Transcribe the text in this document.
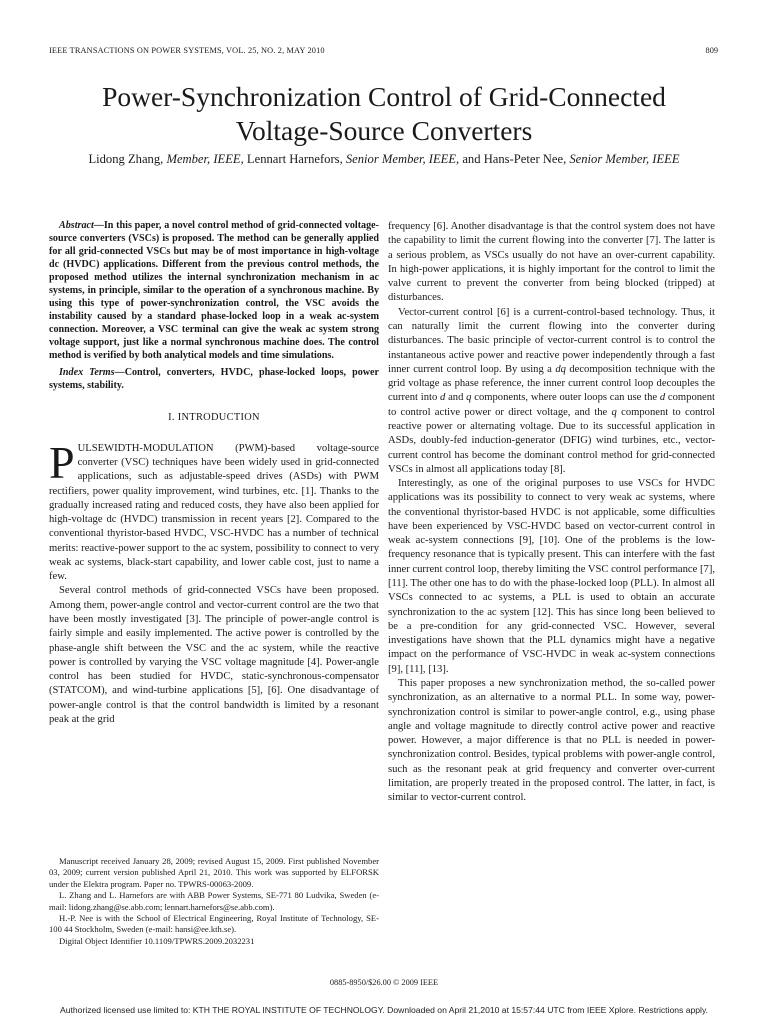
IEEE TRANSACTIONS ON POWER SYSTEMS, VOL. 25, NO. 2, MAY 2010	809
Power-Synchronization Control of Grid-Connected
Voltage-Source Converters
Lidong Zhang, Member, IEEE, Lennart Harnefors, Senior Member, IEEE, and Hans-Peter Nee, Senior Member, IEEE

Abstract—In this paper, a novel control method of grid-connected voltage-source converters (VSCs) is proposed. The method can be generally applied for all grid-connected VSCs but may be of most importance in high-voltage dc (HVDC) applications. Different from the previous control methods, the proposed method utilizes the internal synchronization mechanism in ac systems, in principle, similar to the operation of a synchronous machine. By using this type of power-synchronization control, the VSC avoids the instability caused by a standard phase-locked loop in a weak ac-system connection. Moreover, a VSC terminal can give the weak ac system strong voltage support, just like a normal synchronous machine does. The control method is verified by both analytical models and time simulations.

Index Terms—Control, converters, HVDC, phase-locked loops, power systems, stability.

I. INTRODUCTION

PULSEWIDTH-MODULATION (PWM)-based voltage-source converter (VSC) techniques have been widely used in grid-connected applications, such as adjustable-speed drives (ASDs) with PWM rectifiers, power quality improvement, wind turbines, etc. [1]. Thanks to the gradually increased rating and reduced costs, they have also been applied for high-voltage dc (HVDC) transmission in recent years [2]. Compared to the conventional thyristor-based HVDC, VSC-HVDC has a number of technical merits: reactive-power support to the ac system, possibility to connect to very weak ac systems, black-start capability, and lower cable cost, just to name a few.

Several control methods of grid-connected VSCs have been proposed. Among them, power-angle control and vector-current control are the two that have been mostly investigated [3]. The principle of power-angle control is fairly simple and easily implemented. The active power is controlled by the phase-angle shift between the VSC and the ac system, while the reactive power is controlled by varying the VSC voltage magnitude [4]. Power-angle control has been studied for HVDC, static-synchronous-compensator (STATCOM), and wind-turbine applications [5], [6]. One disadvantage of power-angle control is that the control bandwidth is limited by a resonant peak at the grid

frequency [6]. Another disadvantage is that the control system does not have the capability to limit the current flowing into the converter [7]. The latter is a serious problem, as VSCs usually do not have an over-current capability. In high-power applications, it is highly important for the control to limit the valve current to prevent the converter from being blocked (tripped) at disturbances.

Vector-current control [6] is a current-control-based technology. Thus, it can naturally limit the current flowing into the converter during disturbances. The basic principle of vector-current control is to control the instantaneous active power and reactive power independently through a fast inner current control loop. By using a dq decomposition technique with the grid voltage as phase reference, the inner current control loop decouples the current into d and q components, where outer loops can use the d component to control active power or direct voltage, and the q component to control reactive power or alternating voltage. Due to its successful application in ASDs, doubly-fed induction-generator (DFIG) wind turbines, etc., vector-current control has become the dominant control method for grid-connected VSCs in almost all applications today [8].

Interestingly, as one of the original purposes to use VSCs for HVDC applications was its possibility to connect to very weak ac systems, where the conventional thyristor-based HVDC is not applicable, some difficulties have been experienced by VSC-HVDC based on vector-current control in weak ac-system connections [9], [10]. One of the problems is the low-frequency resonance that is typically present. This can interfere with the fast inner current control loop, thereby limiting the VSC control performance [7], [11]. The other one has to do with the phase-locked loop (PLL). In almost all VSCs connected to ac systems, a PLL is used to obtain an accurate synchronization to the ac system [12]. This has since long been believed to be a pre-condition for any grid-connected VSC. However, several investigations have shown that the PLL dynamics might have a negative impact on the performance of VSC-HVDC in weak ac-system connections [9], [11], [13].

This paper proposes a new synchronization method, the so-called power synchronization, as an alternative to a normal PLL. In some way, power-synchronization control is similar to power-angle control, e.g., using phase angle and voltage magnitude to directly control active power and reactive power. However, a major difference is that no PLL is needed in power-synchronization control. Besides, typical problems with power-angle control, such as the resonant peak at grid frequency and converter over-current limitation, are properly treated in the proposed control. The latter, in fact, is similar to vector-current control.

Manuscript received January 28, 2009; revised August 15, 2009. First published November 03, 2009; current version published April 21, 2010. This work was supported by ELFORSK under the Elektra program. Paper no. TPWRS-00063-2009.

L. Zhang and L. Harnefors are with ABB Power Systems, SE-771 80 Ludvika, Sweden (e-mail: lidong.zhang@se.abb.com; lennart.harnefors@se.abb.com).

H.-P. Nee is with the School of Electrical Engineering, Royal Institute of Technology, SE-100 44 Stockholm, Sweden (e-mail: hansi@ee.kth.se).

Digital Object Identifier 10.1109/TPWRS.2009.2032231

0885-8950/$26.00 © 2009 IEEE
Authorized licensed use limited to: KTH THE ROYAL INSTITUTE OF TECHNOLOGY. Downloaded on April 21,2010 at 15:57:44 UTC from IEEE Xplore. Restrictions apply.
